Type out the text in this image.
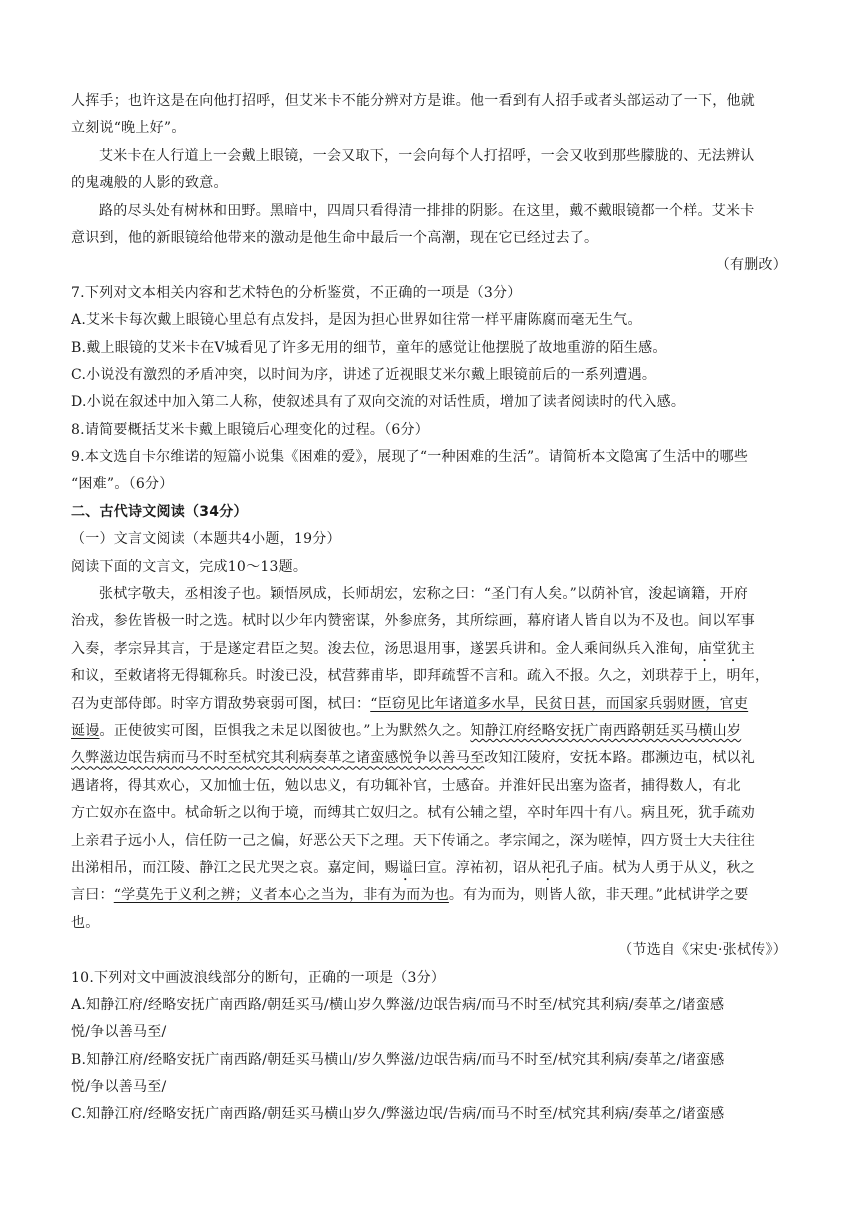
人挥手；也许这是在向他打招呼，但艾米卡不能分辨对方是谁。他一看到有人招手或者头部运动了一下，他就
立刻说“晚上好”。
艾米卡在人行道上一会戴上眼镜，一会又取下，一会向每个人打招呼，一会又收到那些朦胧的、无法辨认
的鬼魂般的人影的致意。
路的尽头处有树林和田野。黑暗中，四周只看得清一排排的阴影。在这里，戴不戴眼镜都一个样。艾米卡
意识到，他的新眼镜给他带来的激动是他生命中最后一个高潮，现在它已经过去了。
（有删改）
7.下列对文本相关内容和艺术特色的分析鉴赏，不正确的一项是（3分）
A.艾米卡每次戴上眼镜心里总有点发抖，是因为担心世界如往常一样平庸陈腐而毫无生气。
B.戴上眼镜的艾米卡在V城看见了许多无用的细节，童年的感觉让他摆脱了故地重游的陌生感。
C.小说没有激烈的矛盾冲突，以时间为序，讲述了近视眼艾米尔戴上眼镜前后的一系列遭遇。
D.小说在叙述中加入第二人称，使叙述具有了双向交流的对话性质，增加了读者阅读时的代入感。
8.请简要概括艾米卡戴上眼镜后心理变化的过程。（6分）
9.本文选自卡尔维诺的短篇小说集《困难的爱》，展现了“一种困难的生活”。请简析本文隐寓了生活中的哪些
“困难”。（6分）
二、古代诗文阅读（34分）
（一）文言文阅读（本题共4小题，19分）
阅读下面的文言文，完成10～13题。
张栻字敬夫，丞相浚子也。颖悟夙成，长师胡宏，宏称之曰：“圣门有人矣。”以荫补官，浚起谪籍，开府
治戎，参佐皆极一时之选。栻时以少年内赞密谋，外参庶务，其所综画，幕府诸人皆自以为不及也。间以军事
入奏，孝宗异其言，于是遂定君臣之契。浚去位，汤思退用事，遂罢兵讲和。金人乘间纵兵入淮甸，庙堂犹主
和议，至敕诸将无得辄称兵。时浚已没，栻营葬甫毕，即拜疏誓不言和。疏入不报。久之，刘珙荐于上，明年，
召为吏部侍郎。时宰方谓敌势衰弱可图，栻曰：“臣窃见比年诸道多水旱，民贫日甚，而国家兵弱财匮，官吏
诞谩。正使彼实可图，臣惧我之未足以图彼也。”上为默然久之。知静江府经略安抚广南西路朝廷买马横山岁
久弊滋边氓告病而马不时至栻究其利病奏革之诸蛮感悦争以善马至改知江陵府，安抚本路。郡濒边屯，栻以礼
遇诸将，得其欢心，又加恤士伍，勉以忠义，有功辄补官，士感奋。并淮奸民出塞为盗者，捕得数人，有北
方亡奴亦在盗中。栻命斩之以徇于境，而缚其亡奴归之。栻有公辅之望，卒时年四十有八。病且死，犹手疏劝
上亲君子远小人，信任防一己之偏，好恶公天下之理。天下传诵之。孝宗闻之，深为嗟悼，四方贤士大夫往往
出涕相吊，而江陵、静江之民尤哭之哀。嘉定间，赐谥曰宣。淳祐初，诏从祀孔子庙。栻为人勇于从义，秋之
言曰：“学莫先于义利之辨；义者本心之当为，非有为而为也。有为而为，则皆人欲，非天理。”此栻讲学之要
也。
（节选自《宋史·张栻传》）
10.下列对文中画波浪线部分的断句，正确的一项是（3分）
A.知静江府/经略安抚广南西路/朝廷买马/横山岁久弊滋/边氓告病/而马不时至/栻究其利病/奏革之/诸蛮感
悦/争以善马至/
B.知静江府/经略安抚广南西路/朝廷买马横山/岁久弊滋/边氓告病/而马不时至/栻究其利病/奏革之/诸蛮感
悦/争以善马至/
C.知静江府/经略安抚广南西路/朝廷买马横山岁久/弊滋边氓/告病/而马不时至/栻究其利病/奏革之/诸蛮感
